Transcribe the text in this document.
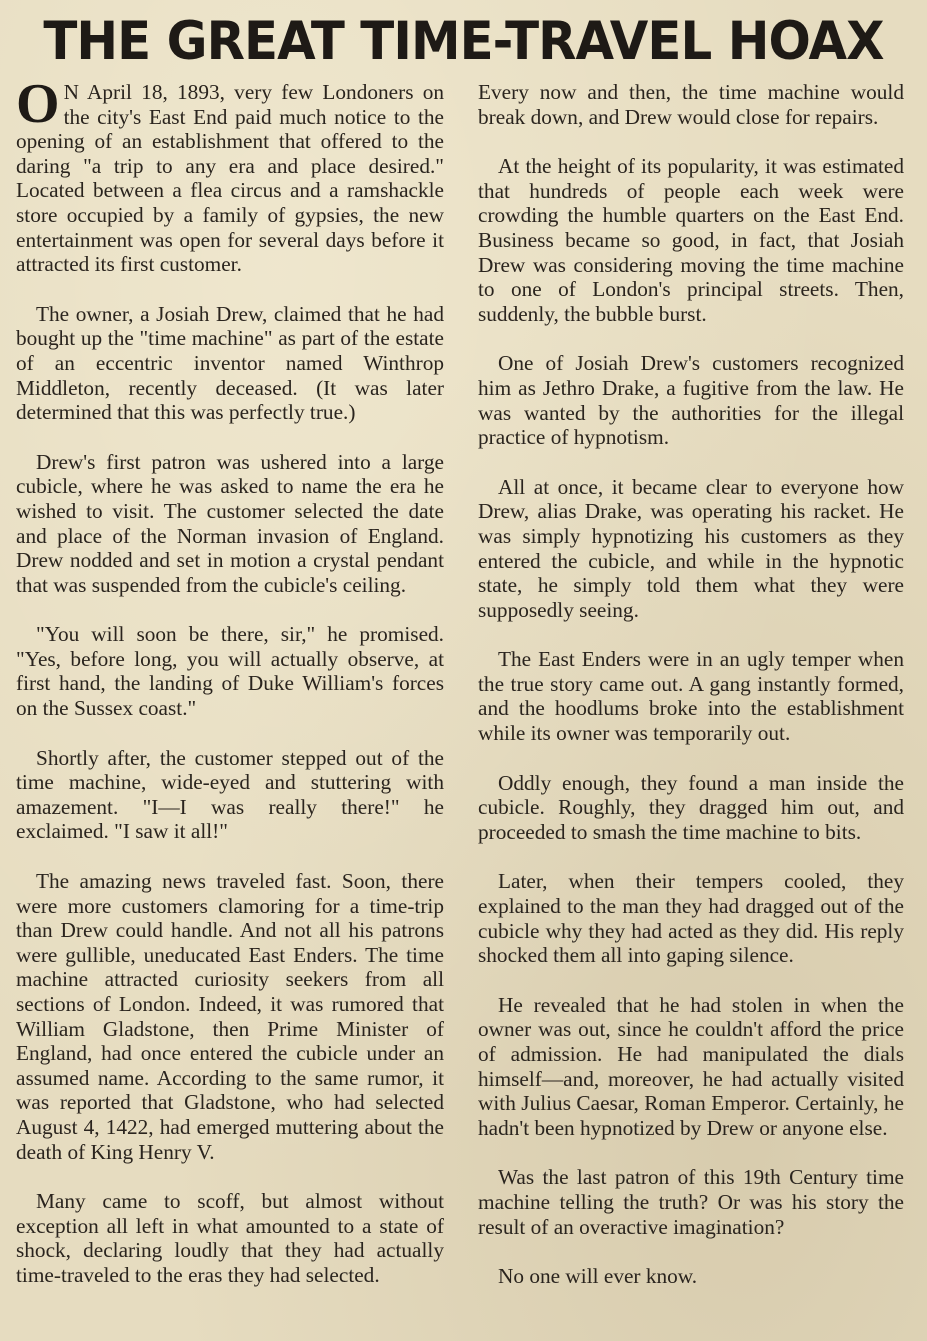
THE GREAT TIME-TRAVEL HOAX

O N April 18, 1893, very few Londoners on the city's East End paid much notice to the opening of an establishment that offered to the daring "a trip to any era and place desired." Located between a flea circus and a ramshackle store occupied by a family of gypsies, the new entertainment was open for several days before it attracted its first customer.

The owner, a Josiah Drew, claimed that he had bought up the "time machine" as part of the estate of an eccentric inventor named Winthrop Middleton, recently deceased. (It was later determined that this was perfectly true.)

Drew's first patron was ushered into a large cubicle, where he was asked to name the era he wished to visit. The customer selected the date and place of the Norman invasion of England. Drew nodded and set in motion a crystal pendant that was suspended from the cubicle's ceiling.

"You will soon be there, sir," he promised. "Yes, before long, you will actually observe, at first hand, the landing of Duke William's forces on the Sussex coast."

Shortly after, the customer stepped out of the time machine, wide-eyed and stuttering with amazement. "I—I was really there!" he exclaimed. "I saw it all!"

The amazing news traveled fast. Soon, there were more customers clamoring for a time-trip than Drew could handle. And not all his patrons were gullible, uneducated East Enders. The time machine attracted curiosity seekers from all sections of London. Indeed, it was rumored that William Gladstone, then Prime Minister of England, had once entered the cubicle under an assumed name. According to the same rumor, it was reported that Gladstone, who had selected August 4, 1422, had emerged muttering about the death of King Henry V.

Many came to scoff, but almost without exception all left in what amounted to a state of shock, declaring loudly that they had actually time-traveled to the eras they had selected.

Every now and then, the time machine would break down, and Drew would close for repairs.

At the height of its popularity, it was estimated that hundreds of people each week were crowding the humble quarters on the East End. Business became so good, in fact, that Josiah Drew was considering moving the time machine to one of London's principal streets. Then, suddenly, the bubble burst.

One of Josiah Drew's customers recognized him as Jethro Drake, a fugitive from the law. He was wanted by the authorities for the illegal practice of hypnotism.

All at once, it became clear to everyone how Drew, alias Drake, was operating his racket. He was simply hypnotizing his customers as they entered the cubicle, and while in the hypnotic state, he simply told them what they were supposedly seeing.

The East Enders were in an ugly temper when the true story came out. A gang instantly formed, and the hoodlums broke into the establishment while its owner was temporarily out.

Oddly enough, they found a man inside the cubicle. Roughly, they dragged him out, and proceeded to smash the time machine to bits.

Later, when their tempers cooled, they explained to the man they had dragged out of the cubicle why they had acted as they did. His reply shocked them all into gaping silence.

He revealed that he had stolen in when the owner was out, since he couldn't afford the price of admission. He had manipulated the dials himself—and, moreover, he had actually visited with Julius Caesar, Roman Emperor. Certainly, he hadn't been hypnotized by Drew or anyone else.

Was the last patron of this 19th Century time machine telling the truth? Or was his story the result of an overactive imagination?

No one will ever know.
